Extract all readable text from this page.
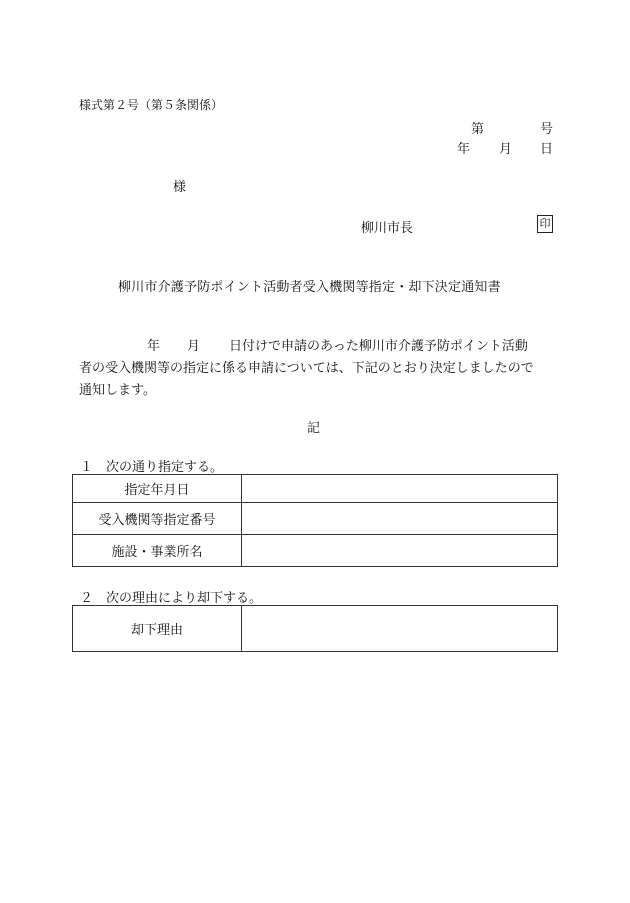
様式第２号（第５条関係）
第	号
年 月 日
様
柳川市長	印
柳川市介護予防ポイント活動者受入機関等指定・却下決定通知書
年 月 日付けで申請のあった柳川市介護予防ポイント活動
者の受入機関等の指定に係る申請については、下記のとおり決定しましたので
通知します。
記
１　次の通り指定する。
指定年月日	
受入機関等指定番号	
施設・事業所名	
２　次の理由により却下する。
却下理由	
